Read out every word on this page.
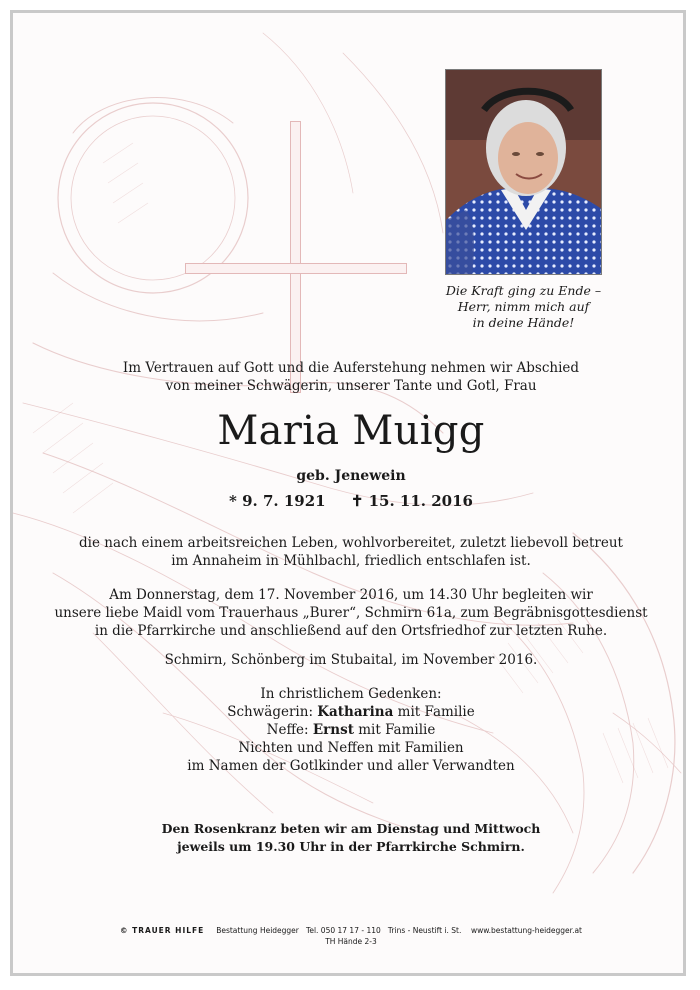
Die Kraft ging zu Ende –
Herr, nimm mich auf
in deine Hände!
Im Vertrauen auf Gott und die Auferstehung nehmen wir Abschied
von meiner Schwägerin, unserer Tante und Gotl, Frau
Maria Muigg
geb. Jenewein
* 9. 7. 1921 ✝ 15. 11. 2016
die nach einem arbeitsreichen Leben, wohlvorbereitet, zuletzt liebevoll betreut
im Annaheim in Mühlbachl, friedlich entschlafen ist.
Am Donnerstag, dem 17. November 2016, um 14.30 Uhr begleiten wir
unsere liebe Maidl vom Trauerhaus „Burer“, Schmirn 61a, zum Begräbnisgottesdienst
in die Pfarrkirche und anschließend auf den Ortsfriedhof zur letzten Ruhe.
Schmirn, Schönberg im Stubaital, im November 2016.
In christlichem Gedenken:
Schwägerin: Katharina mit Familie
Neffe: Ernst mit Familie
Nichten und Neffen mit Familien
im Namen der Gotlkinder und aller Verwandten
Den Rosenkranz beten wir am Dienstag und Mittwoch
jeweils um 19.30 Uhr in der Pfarrkirche Schmirn.
© TRAUER HILFE Bestattung Heidegger Tel. 050 17 17 - 110 Trins - Neustift i. St. www.bestattung-heidegger.at
TH Hände 2-3
